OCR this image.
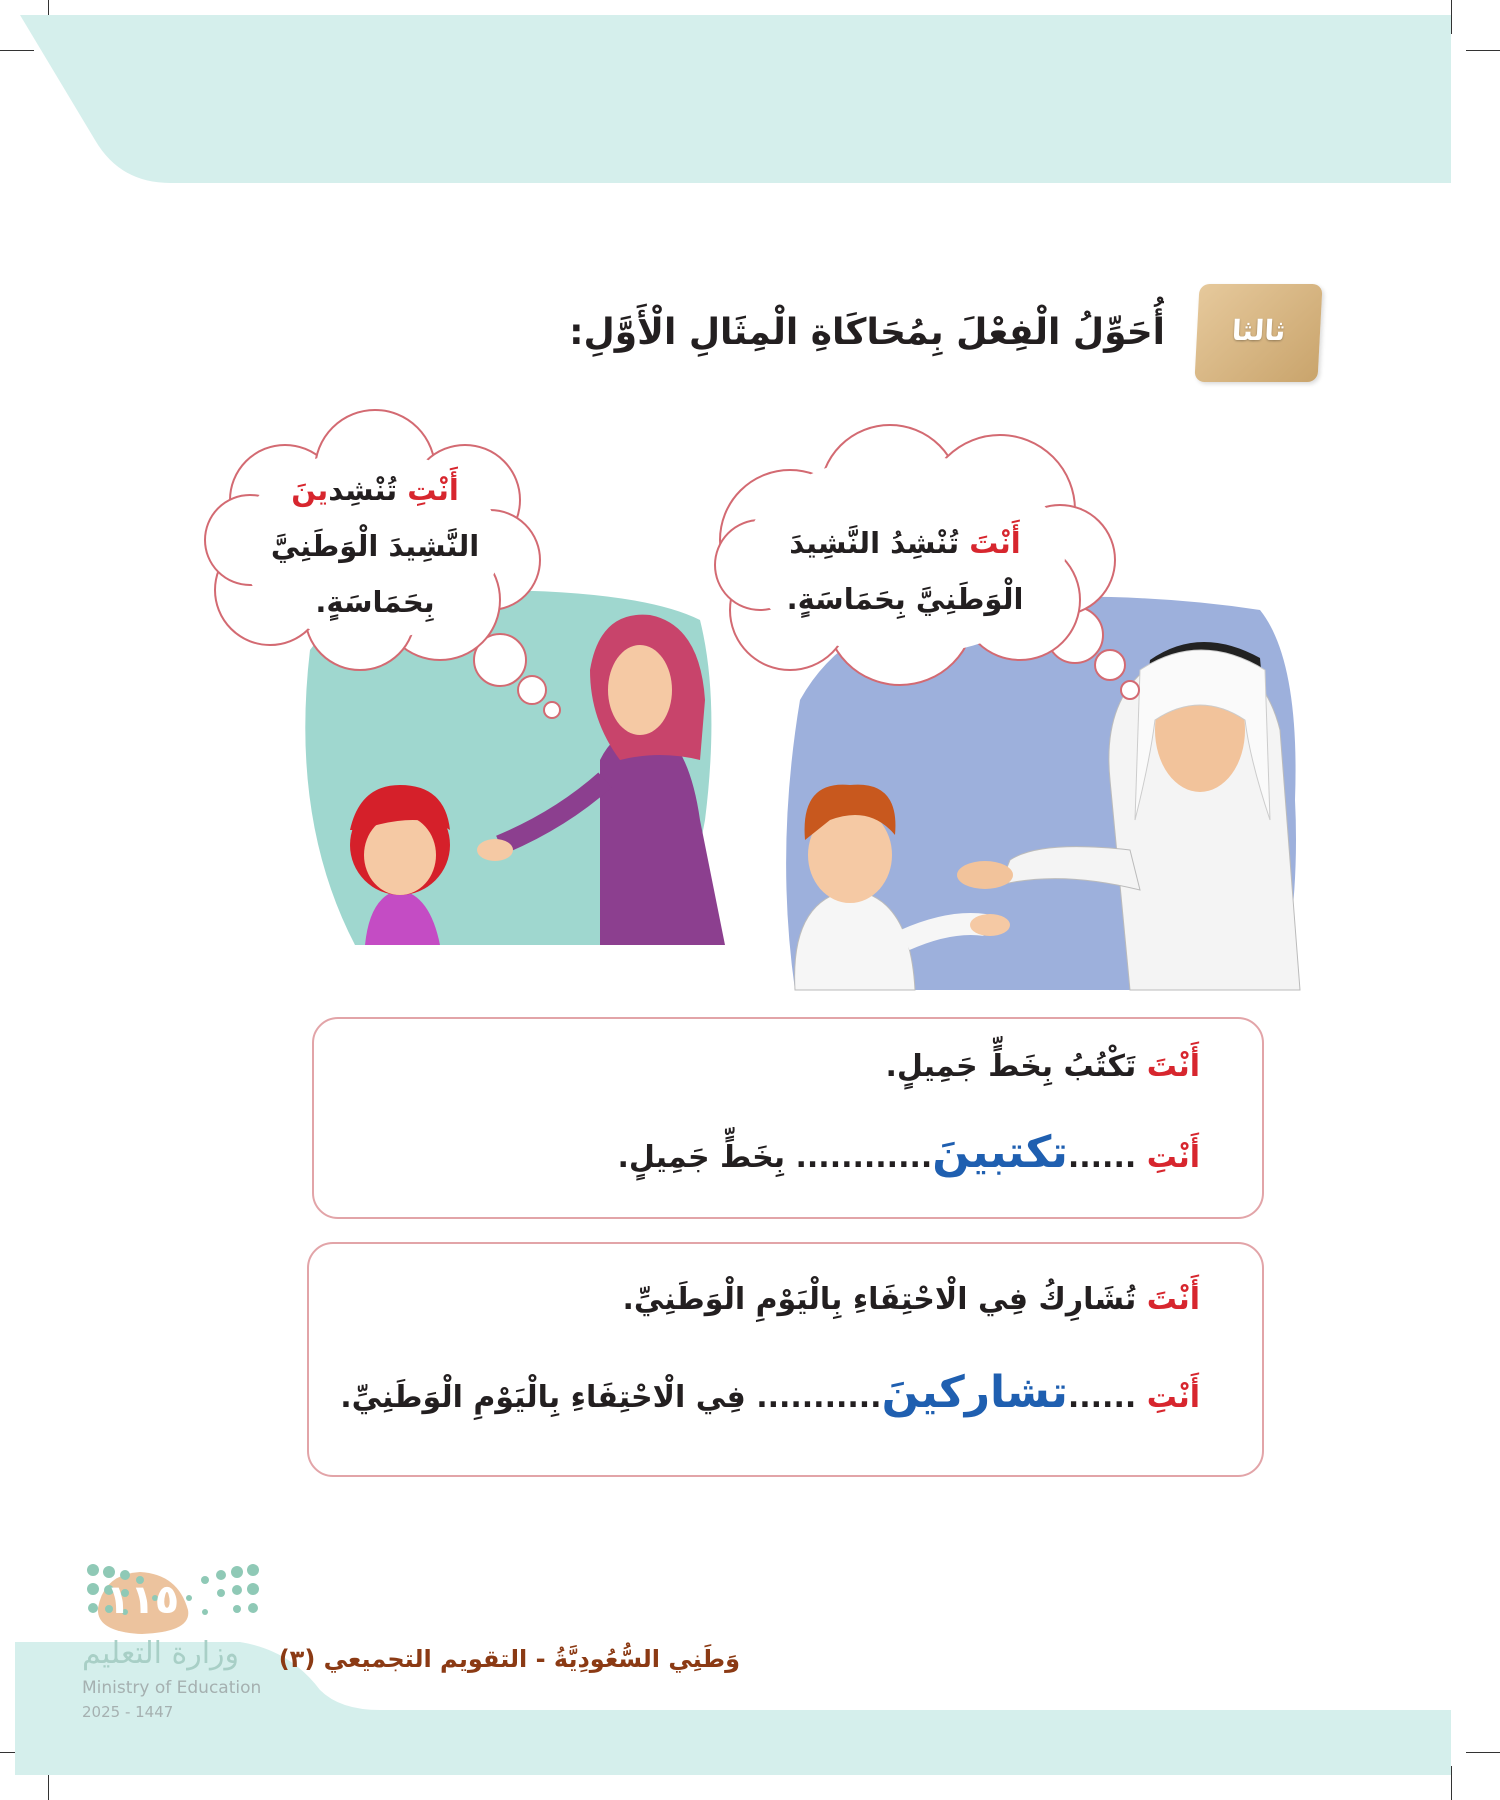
ثالثا
أُحَوِّلُ الْفِعْلَ بِمُحَاكَاةِ الْمِثَالِ الْأَوَّلِ:
أَنْتَ تُنْشِدُ النَّشِيدَ
الْوَطَنِيَّ بِحَمَاسَةٍ.
أَنْتِ تُنْشِدينَ
النَّشِيدَ الْوَطَنِيَّ
بِحَمَاسَةٍ.
أَنْتَ تَكْتُبُ بِخَطٍّ جَمِيلٍ.
أَنْتِ ......تكتبينَ............ بِخَطٍّ جَمِيلٍ.
أَنْتَ تُشَارِكُ فِي الْاحْتِفَاءِ بِالْيَوْمِ الْوَطَنِيِّ.
أَنْتِ ......تشاركينَ........... فِي الْاحْتِفَاءِ بِالْيَوْمِ الْوَطَنِيِّ.
١١٥
وزارة التعليم
Ministry of Education
2025 - 1447
وَطَنِي السُّعُودِيَّةُ - التقويم التجميعي (٣)
